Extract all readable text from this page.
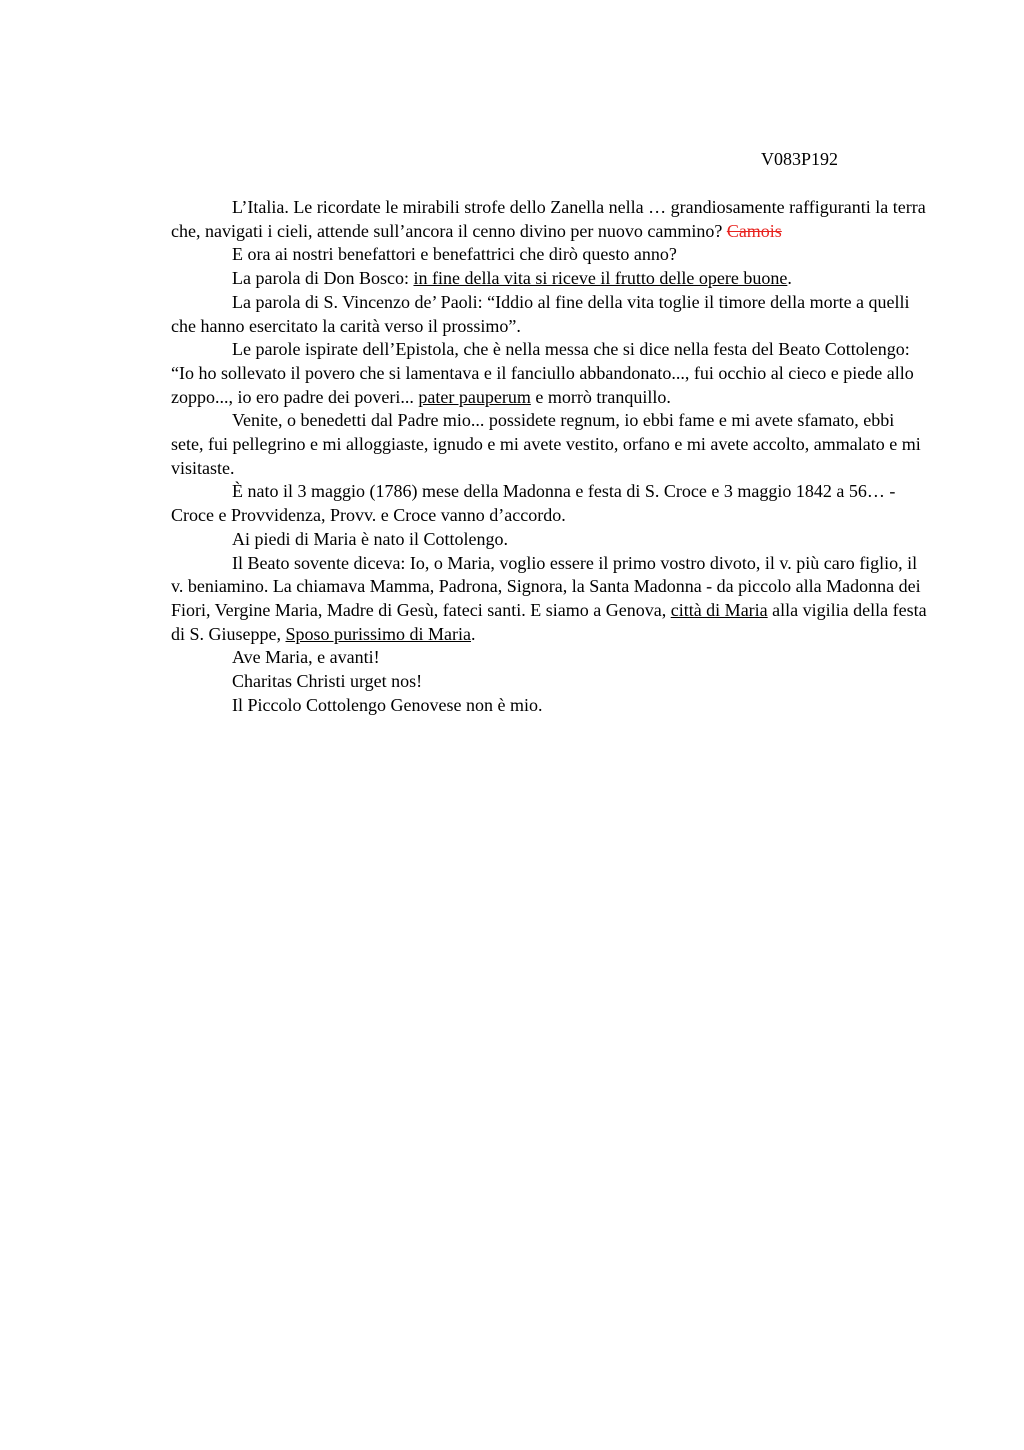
V083P192

L’Italia. Le ricordate le mirabili strofe dello Zanella nella … grandiosamente raffiguranti la terra che, navigati i cieli, attende sull’ancora il cenno divino per nuovo cammino? Camois

E ora ai nostri benefattori e benefattrici che dirò questo anno?

La parola di Don Bosco: in fine della vita si riceve il frutto delle opere buone.

La parola di S. Vincenzo de’ Paoli: “Iddio al fine della vita toglie il timore della morte a quelli che hanno esercitato la carità verso il prossimo”.

Le parole ispirate dell’Epistola, che è nella messa che si dice nella festa del Beato Cottolengo: “Io ho sollevato il povero che si lamentava e il fanciullo abbandonato..., fui occhio al cieco e piede allo zoppo..., io ero padre dei poveri... pater pauperum e morrò tranquillo.

Venite, o benedetti dal Padre mio... possidete regnum, io ebbi fame e mi avete sfamato, ebbi sete, fui pellegrino e mi alloggiaste, ignudo e mi avete vestito, orfano e mi avete accolto, ammalato e mi visitaste.

È nato il 3 maggio (1786) mese della Madonna e festa di S. Croce e 3 maggio 1842 a 56… - Croce e Provvidenza, Provv. e Croce vanno d’accordo.

Ai piedi di Maria è nato il Cottolengo.

Il Beato sovente diceva: Io, o Maria, voglio essere il primo vostro divoto, il v. più caro figlio, il v. beniamino. La chiamava Mamma, Padrona, Signora, la Santa Madonna - da piccolo alla Madonna dei Fiori, Vergine Maria, Madre di Gesù, fateci santi. E siamo a Genova, città di Maria alla vigilia della festa di S. Giuseppe, Sposo purissimo di Maria.

Ave Maria, e avanti!

Charitas Christi urget nos!

Il Piccolo Cottolengo Genovese non è mio.
